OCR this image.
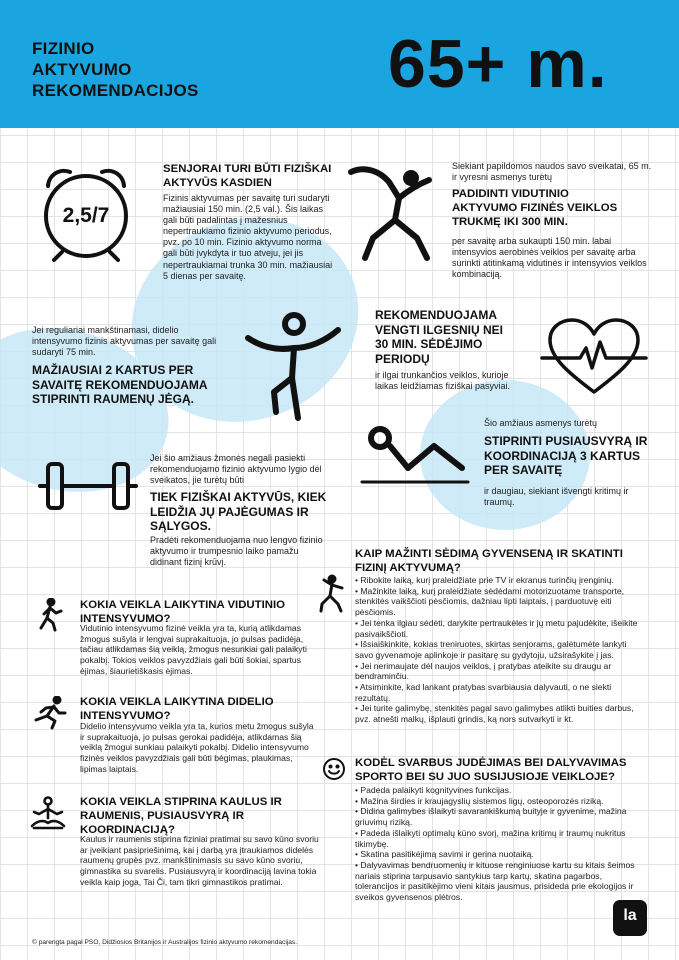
FIZINIO
AKTYVUMO
REKOMENDACIJOS	65+ m.
2,5/7
SENJORAI TURI BŪTI FIZIŠKAI AKTYVŪS KASDIEN
Fizinis aktyvumas per savaitę turi sudaryti mažiausiai 150 min. (2,5 val.). Šis laikas gali būti padalintas į mažesnius nepertraukiamo fizinio aktyvumo periodus, pvz. po 10 min. Fizinio aktyvumo norma gali būti įvykdyta ir tuo atveju, jei jis nepertraukiamai trunka 30 min. mažiausiai 5 dienas per savaitę.
Siekiant papildomos naudos savo sveikatai, 65 m. ir vyresni asmenys turėtų
PADIDINTI VIDUTINIO AKTYVUMO FIZINĖS VEIKLOS TRUKMĘ IKI 300 MIN.
per savaitę arba sukaupti 150 min. labai intensyvios aerobinės veiklos per savaitę arba surinkti atitinkamą vidutinės ir intensyvios veiklos kombinaciją.
Jei reguliariai mankštinamasi, didelio intensyvumo fizinis aktyvumas per savaitę gali sudaryti 75 min.
MAŽIAUSIAI 2 KARTUS PER SAVAITĘ REKOMENDUOJAMA STIPRINTI RAUMENŲ JĖGĄ.
REKOMENDUOJAMA VENGTI ILGESNIŲ NEI 30 MIN. SĖDĖJIMO PERIODŲ
ir ilgai trunkančios veiklos, kurioje laikas leidžiamas fiziškai pasyviai.
Šio amžiaus asmenys turėtų
STIPRINTI PUSIAUSVYRĄ IR KOORDINACIJĄ 3 KARTUS PER SAVAITĘ
ir daugiau, siekiant išvengti kritimų ir traumų.
Jei šio amžiaus žmonės negali pasiekti rekomenduojamo fizinio aktyvumo lygio dėl sveikatos, jie turėtų būti
TIEK FIZIŠKAI AKTYVŪS, KIEK LEIDŽIA JŲ PAJĖGUMAS IR SĄLYGOS.
Pradėti rekomenduojama nuo lengvo fizinio aktyvumo ir trumpesnio laiko pamažu didinant fizinį krūvį.
KOKIA VEIKLA LAIKYTINA VIDUTINIO INTENSYVUMO?
Vidutinio intensyvumo fizinė veikla yra ta, kurią atlikdamas žmogus sušyla ir lengvai suprakaituoja, jo pulsas padidėja, tačiau atlikdamas šią veiklą, žmogus nesunkiai gali palaikyti pokalbį. Tokios veiklos pavyzdžiais gali būti šokiai, spartus ėjimas, šiaurietiškasis ėjimas.
KOKIA VEIKLA LAIKYTINA DIDELIO INTENSYVUMO?
Didelio intensyvumo veikla yra ta, kurios metu žmogus sušyla ir suprakaituoja, jo pulsas gerokai padidėja, atlikdamas šią veiklą žmogui sunkiau palaikyti pokalbį. Didelio intensyvumo fizinės veiklos pavyzdžiais gali būti bėgimas, plaukimas, lipimas laiptais.
KOKIA VEIKLA STIPRINA KAULUS IR RAUMENIS, PUSIAUSVYRĄ IR KOORDINACIJĄ?
Kaulus ir raumenis stiprina fiziniai pratimai su savo kūno svoriu ar įveikiant pasipriešinimą, kai į darbą yra įtraukiamos didelės raumenų grupės pvz. mankštinimasis su savo kūno svoriu, gimnastika su svarelis. Pusiausvyrą ir koordinaciją lavina tokia veikla kaip joga, Tai Či, tam tikri gimnastikos pratimai.
KAIP MAŽINTI SĖDIMĄ GYVENSENĄ IR SKATINTI FIZINĮ AKTYVUMĄ?
• Ribokite laiką, kurį praleidžiate prie TV ir ekranus turinčių įrenginių.
• Mažinkite laiką, kurį praleidžiate sėdėdami motorizuotame transporte, stenkitės vaikščioti pėsčiomis, dažniau lipti laiptais, į parduotuvę eiti pėsčiomis.
• Jei tenka ilgiau sėdėti, darykite pertraukėles ir jų metu pajudėkite, išeikite pasivaikščioti.
• Išsiaiškinkite, kokias treniruotes, skirtas senjorams, galėtumėte lankyti savo gyvenamoje aplinkoje ir pasitarę su gydytoju, užsirašykite į jas.
• Jei nerimaujate dėl naujos veiklos, į pratybas ateikite su draugu ar bendraminčiu.
• Atsiminkite, kad lankant pratybas svarbiausia dalyvauti, o ne siekti rezultatų.
• Jei turite galimybę, stenkitės pagal savo galimybes atlikti buities darbus, pvz. atnešti malkų, išplauti grindis, ką nors sutvarkyti ir kt.
KODĖL SVARBUS JUDĖJIMAS BEI DALYVAVIMAS SPORTO BEI SU JUO SUSIJUSIOJE VEIKLOJE?
• Padeda palaikyti kognityvines funkcijas.
• Mažina širdies ir kraujagyslių sistemos ligų, osteoporozės riziką.
• Didina galimybes išlaikyti savarankiškumą buityje ir gyvenime, mažina griuvimų riziką.
• Padeda išlaikyti optimalų kūno svorį, mažina kritimų ir traumų nukritus tikimybę.
• Skatina pasitikėjimą savimi ir gerina nuotaiką.
• Dalyvavimas bendruomenių ir kituose renginiuose kartu su kitais šeimos nariais stiprina tarpusavio santykius tarp kartų, skatina pagarbos, tolerancijos ir pasitikėjimo vieni kitais jausmus, prisideda prie ekologijos ir sveikos gyvensenos plėtros.
© parengta pagal PSO, Didžiosios Britanijos ir Australijos fizinio aktyvumo rekomendacijas.
la
